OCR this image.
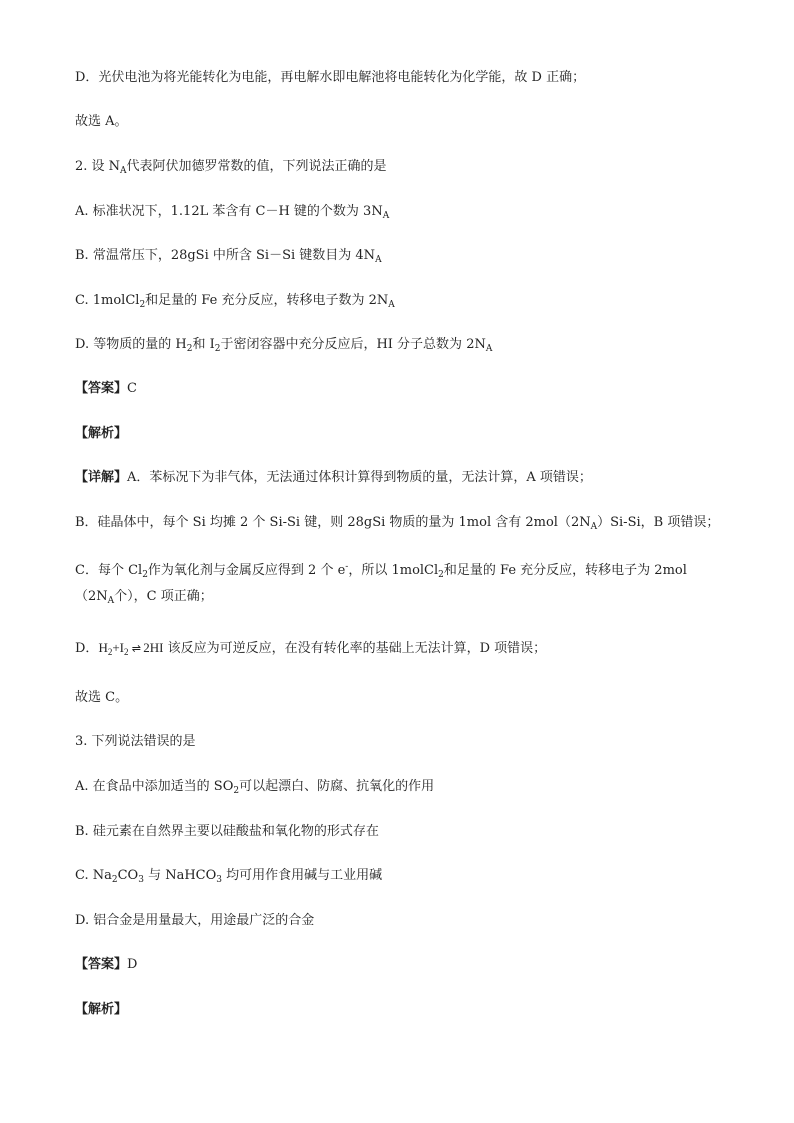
D．光伏电池为将光能转化为电能，再电解水即电解池将电能转化为化学能，故 D 正确；
故选 A。
2. 设 $N_A$代表阿伏加德罗常数的值，下列说法正确的是
A. 标准状况下，1.12L 苯含有 C－H 键的个数为 $3N_A$
B. 常温常压下，28gSi 中所含 Si－Si 键数目为 $4N_A$
C. 1molCl$_2$和足量的 Fe 充分反应，转移电子数为 $2N_A$
D. 等物质的量的 $H_2$和 $I_2$于密闭容器中充分反应后，HI 分子总数为 $2N_A$
【答案】C
【解析】
【详解】A．苯标况下为非气体，无法通过体积计算得到物质的量，无法计算，A 项错误；
B．硅晶体中，每个 Si 均摊 2 个 Si-Si 键，则 28gSi 物质的量为 1mol 含有 $2mol(2N_A)Si-Si$，B 项错误；
C．每个 $Cl_2$作为氧化剂与金属反应得到 2 个 e-，所以 1molCl$_2$和足量的 Fe 充分反应，转移电子为 2mol
（$2N_A$个），C 项正确；
D．$H_2+I_2$ ⇌ 2HI 该反应为可逆反应，在没有转化率的基础上无法计算，D 项错误；
故选 C。
3. 下列说法错误的是
A. 在食品中添加适当的 $SO_2$可以起漂白、防腐、抗氧化的作用
B. 硅元素在自然界主要以硅酸盐和氧化物的形式存在
C. $Na_2CO_3$ 与 NaHCO$_3$ 均可用作食用碱与工业用碱
D. 铝合金是用量最大，用途最广泛的合金
【答案】D
【解析】
